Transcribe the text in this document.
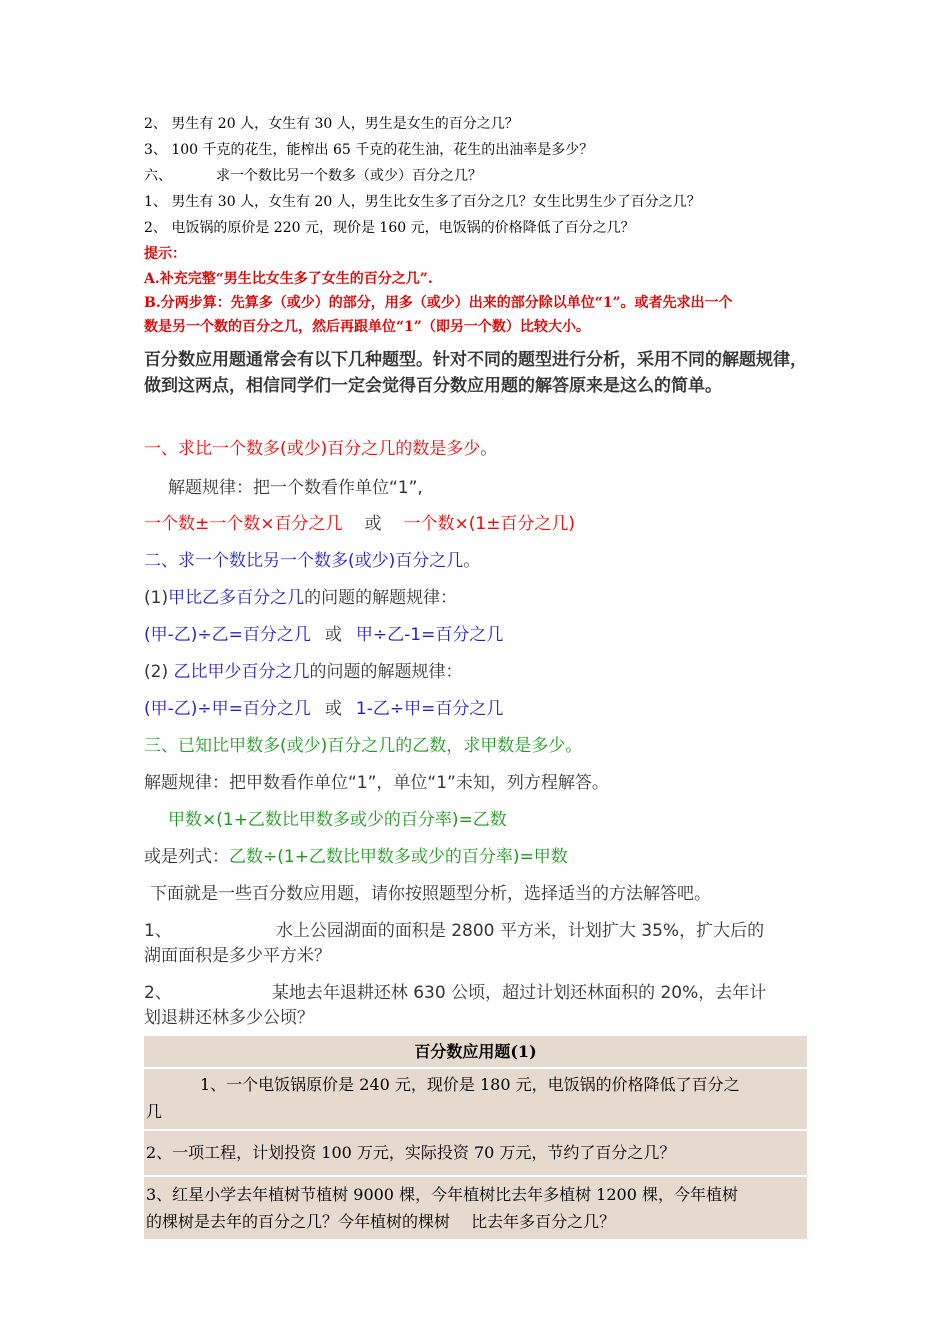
2、 男生有 20 人，女生有 30 人，男生是女生的百分之几？
3、 100 千克的花生，能榨出 65 千克的花生油，花生的出油率是多少？
六、	求一个数比另一个数多（或少）百分之几？
1、 男生有 30 人，女生有 20 人，男生比女生多了百分之几？女生比男生少了百分之几？
2、 电饭锅的原价是 220 元，现价是 160 元，电饭锅的价格降低了百分之几？
提示：
A.补充完整“男生比女生多了女生的百分之几”.
B.分两步算：先算多（或少）的部分，用多（或少）出来的部分除以单位“1”。或者先求出一个
数是另一个数的百分之几，然后再跟单位“1”（即另一个数）比较大小。
百分数应用题通常会有以下几种题型。针对不同的题型进行分析，采用不同的解题规律，做到这两点，相信同学们一定会觉得百分数应用题的解答原来是这么的简单。
一、求比一个数多(或少)百分之几的数是多少。
解题规律：把一个数看作单位“1”,
一个数±一个数×百分之几 或 一个数×(1±百分之几)
二、求一个数比另一个数多(或少)百分之几。
(1)甲比乙多百分之几的问题的解题规律：
(甲-乙)÷乙=百分之几 或 甲÷乙-1=百分之几
(2) 乙比甲少百分之几的问题的解题规律：
(甲-乙)÷甲=百分之几 或 1-乙÷甲=百分之几
三、已知比甲数多(或少)百分之几的乙数，求甲数是多少。
解题规律：把甲数看作单位“1”，单位“1”未知，列方程解答。
甲数×(1+乙数比甲数多或少的百分率)=乙数
或是列式：乙数÷(1+乙数比甲数多或少的百分率)=甲数
下面就是一些百分数应用题，请你按照题型分析，选择适当的方法解答吧。
1、	水上公园湖面的面积是 2800 平方米，计划扩大 35%，扩大后的
湖面面积是多少平方米？
2、	某地去年退耕还林 630 公顷，超过计划还林面积的 20%，去年计
划退耕还林多少公顷？
百分数应用题(1)
1、一个电饭锅原价是 240 元，现价是 180 元，电饭锅的价格降低了百分之
几
2、一项工程，计划投资 100 万元，实际投资 70 万元，节约了百分之几？
3、红星小学去年植树节植树 9000 棵，今年植树比去年多植树 1200 棵，今年植树
的棵树是去年的百分之几？今年植树的棵树　 比去年多百分之几？
